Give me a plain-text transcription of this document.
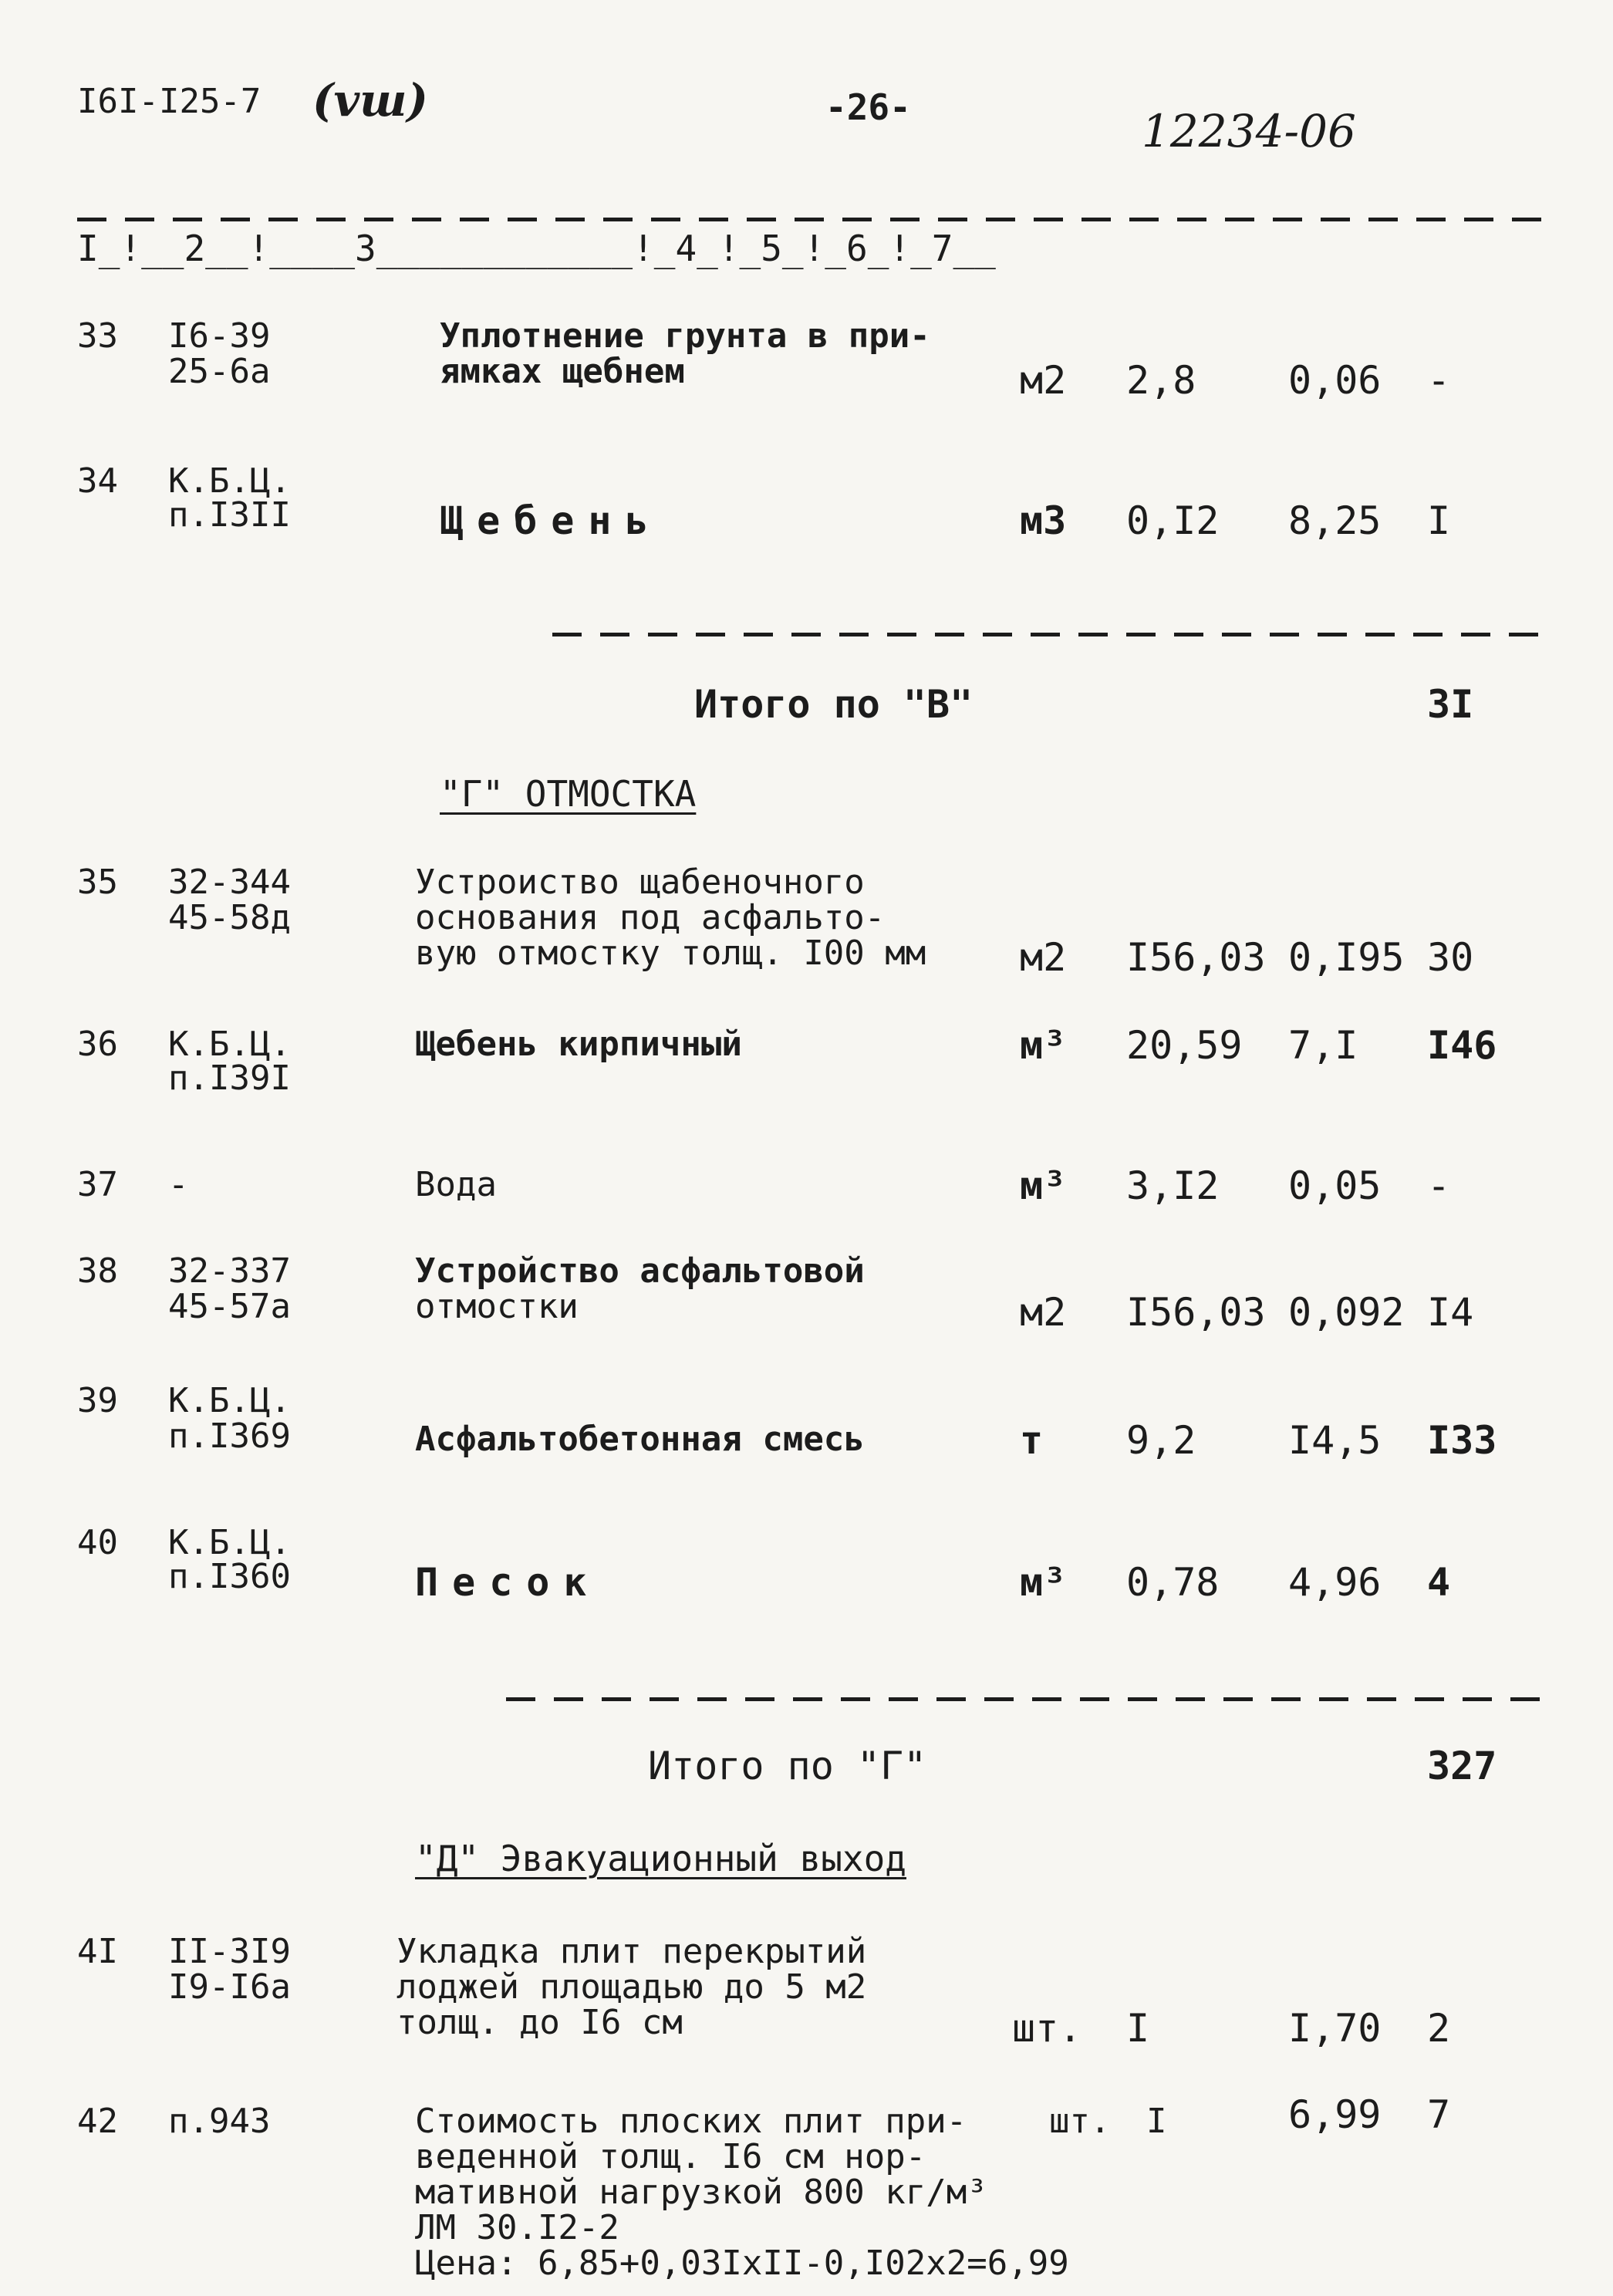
I6I-I25-7 (vш)	-26-	12234-06
I_!__2__!____3____________!_4_!_5_!_6_!_7__
33 I6-39
25-6a
Уплотнение грунта в при-
ямках щебнем	м2 2,8 0,06 -
34 К.Б.Ц.
п.I3II	Щебень	м3 0,I2 8,25 I
Итого по "В"	3I
"Г" ОТМОСТКА
35 32-344
45-58д
Устроиство щабеночного
основания под асфальто-
вую отмостку толщ. I00 мм м2 I56,03 0,I95 30
36 К.Б.Ц.
п.I39I
Щебень кирпичный	м³ 20,59 7,I I46
37 -	Вода	м³ 3,I2 0,05 -
38 32-337
45-57a
Устройство асфальтовой
отмостки	м2 I56,03 0,092 I4
39 К.Б.Ц.
п.I369	Асфальтобетонная смесь	т 9,2 I4,5 I33
40 К.Б.Ц.
п.I360	Песок	м³ 0,78 4,96 4
Итого по "Г"	327
"Д" Эвакуационный выход
4I II-3I9
I9-I6a
Укладка плит перекрытий
лоджей площадью до 5 м2
толщ. до I6 см	шт. I	I,70 2
42 п.943	Стоимость плоских плит при-
веденной толщ. I6 см нор-
мативной нагрузкой 800 кг/м³
ЛМ 30.I2-2
Цена: 6,85+0,03IxII-0,I02x2=6,99
шт. I	6,99 7
